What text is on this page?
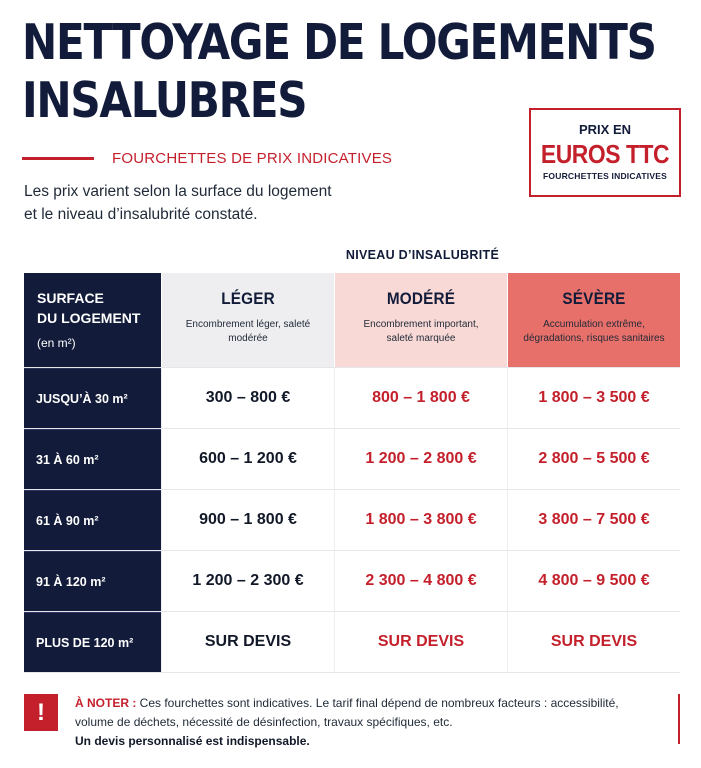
NETTOYAGE DE LOGEMENTS
INSALUBRES
FOURCHETTES DE PRIX INDICATIVES
Les prix varient selon la surface du logement
et le niveau d’insalubrité constaté.
PRIX EN
EUROS TTC
FOURCHETTES INDICATIVES
NIVEAU D’INSALUBRITÉ
SURFACE
DU LOGEMENT
(en m²)
LÉGER
Encombrement léger, saleté modérée
MODÉRÉ
Encombrement important, saleté marquée
SÉVÈRE
Accumulation extrême, dégradations, risques sanitaires
JUSQU’À 30 m²	300 – 800 €	800 – 1 800 €	1 800 – 3 500 €
31 À 60 m²	600 – 1 200 €	1 200 – 2 800 €	2 800 – 5 500 €
61 À 90 m²	900 – 1 800 €	1 800 – 3 800 €	3 800 – 7 500 €
91 À 120 m²	1 200 – 2 300 €	2 300 – 4 800 €	4 800 – 9 500 €
PLUS DE 120 m²	SUR DEVIS	SUR DEVIS	SUR DEVIS
!	À NOTER : Ces fourchettes sont indicatives. Le tarif final dépend de nombreux facteurs : accessibilité, volume de déchets, nécessité de désinfection, travaux spécifiques, etc.
Un devis personnalisé est indispensable.
